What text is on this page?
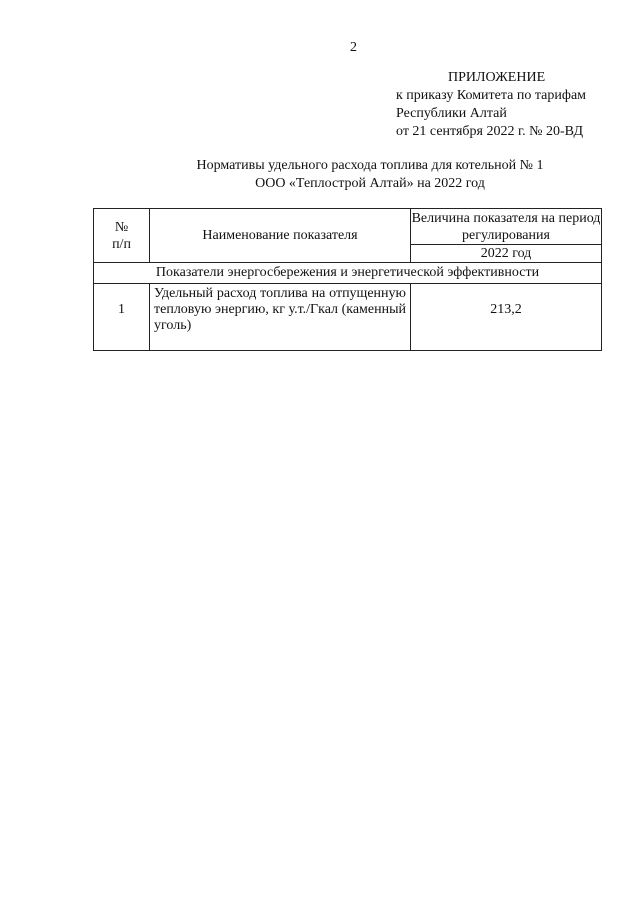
2
ПРИЛОЖЕНИЕ
к приказу Комитета по тарифам
Республики Алтай
от 21 сентября 2022 г. № 20-ВД
Нормативы удельного расхода топлива для котельной № 1
ООО «Теплострой Алтай» на 2022 год
№
п/п	Наименование показателя	Величина показателя на период регулирования
		2022 год
Показатели энергосбережения и энергетической эффективности		
1	Удельный расход топлива на отпущенную тепловую энергию, кг у.т./Гкал (каменный уголь)	213,2
